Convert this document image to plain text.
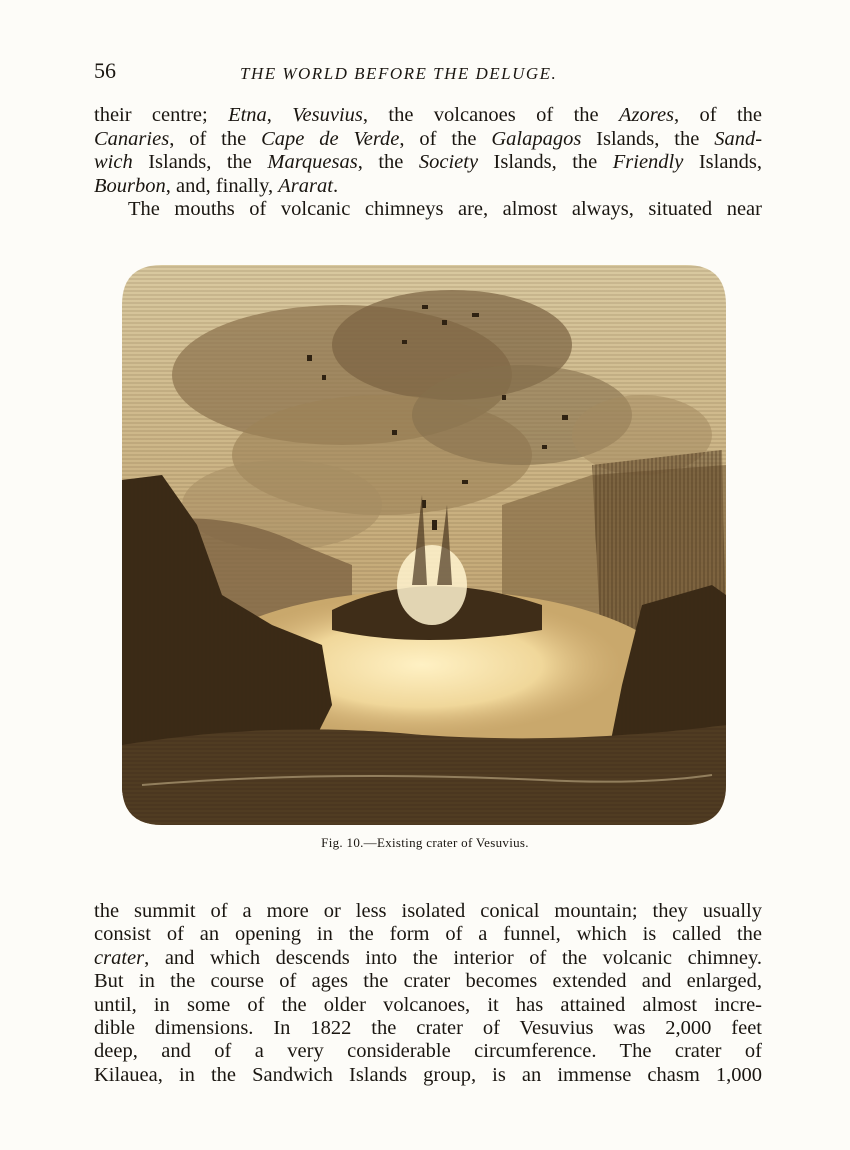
56	THE WORLD BEFORE THE DELUGE.
their centre; Etna, Vesuvius, the volcanoes of the Azores, of the
Canaries, of the Cape de Verde, of the Galapagos Islands, the Sand-
wich Islands, the Marquesas, the Society Islands, the Friendly Islands,
Bourbon, and, finally, Ararat.
The mouths of volcanic chimneys are, almost always, situated near
Fig. 10.—Existing crater of Vesuvius.
the summit of a more or less isolated conical mountain; they usually
consist of an opening in the form of a funnel, which is called the
crater, and which descends into the interior of the volcanic chimney.
But in the course of ages the crater becomes extended and enlarged,
until, in some of the older volcanoes, it has attained almost incre-
dible dimensions. In 1822 the crater of Vesuvius was 2,000 feet
deep, and of a very considerable circumference. The crater of
Kilauea, in the Sandwich Islands group, is an immense chasm 1,000
